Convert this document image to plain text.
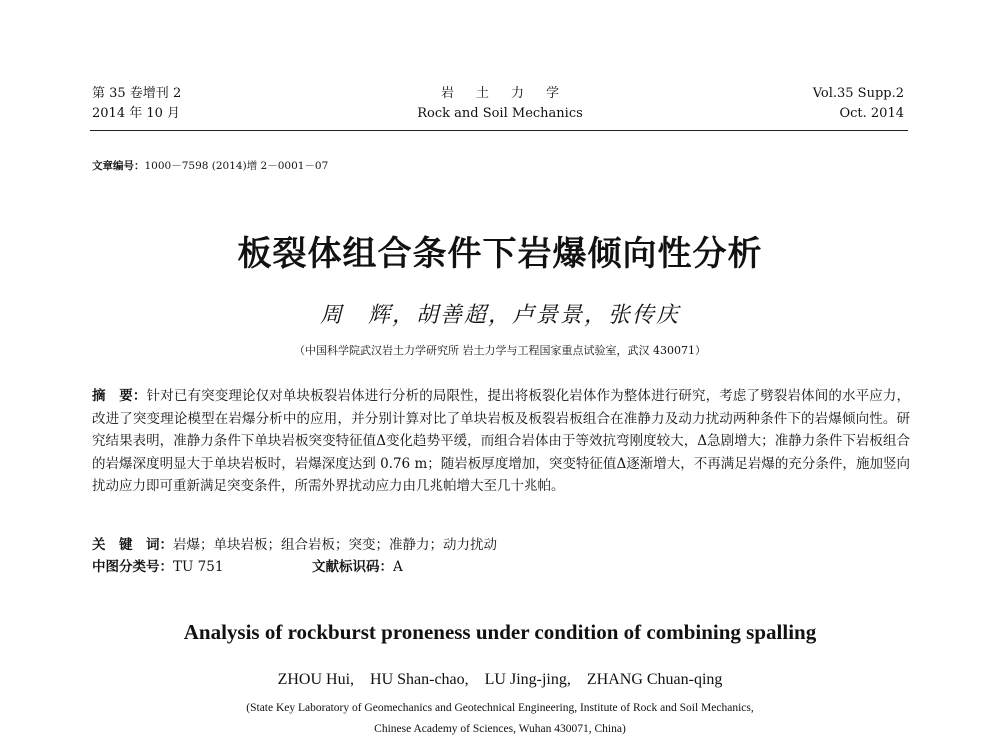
第 35 卷增刊 2
2014 年 10 月
岩土力学
Rock and Soil Mechanics
Vol.35 Supp.2
Oct. 2014
文章编号：1000－7598 (2014)增 2－0001－07
板裂体组合条件下岩爆倾向性分析
周　辉，胡善超，卢景景，张传庆
（中国科学院武汉岩土力学研究所 岩土力学与工程国家重点试验室，武汉 430071）
摘　要：针对已有突变理论仅对单块板裂岩体进行分析的局限性，提出将板裂化岩体作为整体进行研究，考虑了劈裂岩体间的水平应力，改进了突变理论模型在岩爆分析中的应用，并分别计算对比了单块岩板及板裂岩板组合在准静力及动力扰动两种条件下的岩爆倾向性。研究结果表明，准静力条件下单块岩板突变特征值Δ变化趋势平缓，而组合岩体由于等效抗弯刚度较大，Δ急剧增大；准静力条件下岩板组合的岩爆深度明显大于单块岩板时，岩爆深度达到 0.76 m；随岩板厚度增加，突变特征值Δ逐渐增大，不再满足岩爆的充分条件，施加竖向扰动应力即可重新满足突变条件，所需外界扰动应力由几兆帕增大至几十兆帕。
关　键　词：岩爆；单块岩板；组合岩板；突变；准静力；动力扰动
中图分类号：TU 751	文献标识码：A
Analysis of rockburst proneness under condition of combining spalling
ZHOU Hui,    HU Shan-chao,    LU Jing-jing,    ZHANG Chuan-qing
(State Key Laboratory of Geomechanics and Geotechnical Engineering, Institute of Rock and Soil Mechanics,
Chinese Academy of Sciences, Wuhan 430071, China)
